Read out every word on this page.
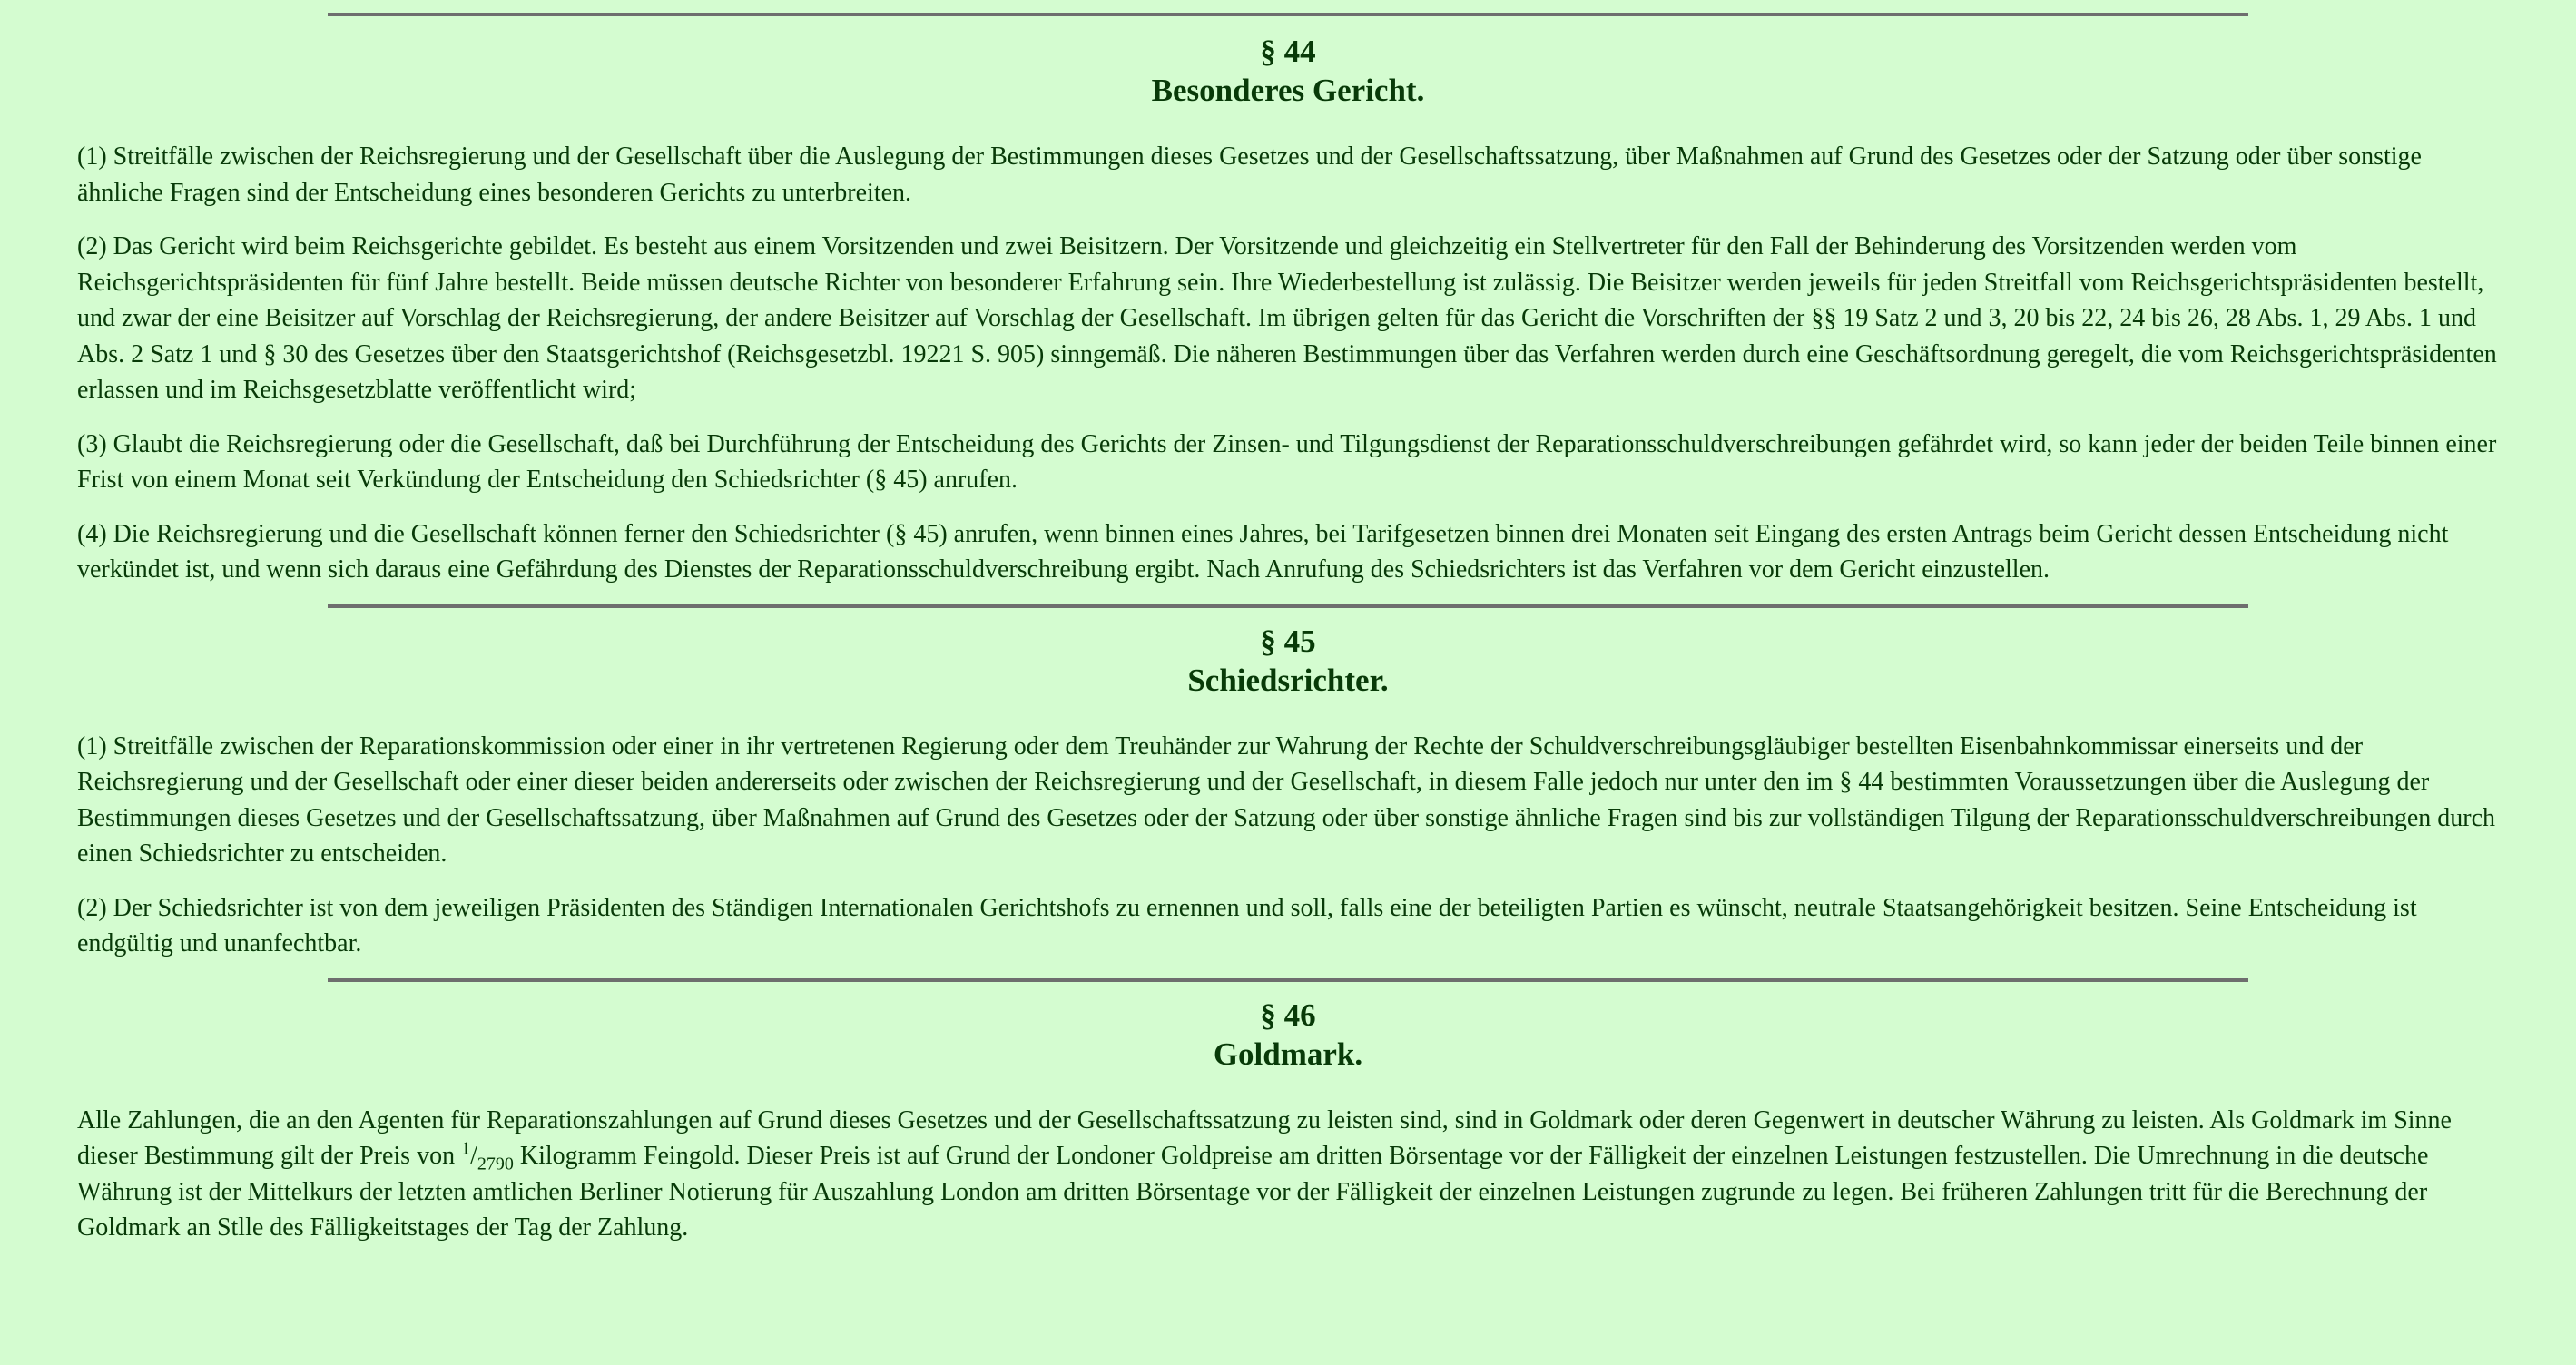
§ 44
Besonderes Gericht.

(1) Streitfälle zwischen der Reichsregierung und der Gesellschaft über die Auslegung der Bestimmungen dieses Gesetzes und der Gesellschaftssatzung, über Maßnahmen auf Grund des Gesetzes oder der Satzung oder über sonstige ähnliche Fragen sind der Entscheidung eines besonderen Gerichts zu unterbreiten.

(2) Das Gericht wird beim Reichsgerichte gebildet. Es besteht aus einem Vorsitzenden und zwei Beisitzern. Der Vorsitzende und gleichzeitig ein Stellvertreter für den Fall der Behinderung des Vorsitzenden werden vom Reichsgerichtspräsidenten für fünf Jahre bestellt. Beide müssen deutsche Richter von besonderer Erfahrung sein. Ihre Wiederbestellung ist zulässig. Die Beisitzer werden jeweils für jeden Streitfall vom Reichsgerichtspräsidenten bestellt, und zwar der eine Beisitzer auf Vorschlag der Reichsregierung, der andere Beisitzer auf Vorschlag der Gesellschaft. Im übrigen gelten für das Gericht die Vorschriften der §§ 19 Satz 2 und 3, 20 bis 22, 24 bis 26, 28 Abs. 1, 29 Abs. 1 und Abs. 2 Satz 1 und § 30 des Gesetzes über den Staatsgerichtshof (Reichsgesetzbl. 19221 S. 905) sinngemäß. Die näheren Bestimmungen über das Verfahren werden durch eine Geschäftsordnung geregelt, die vom Reichsgerichtspräsidenten erlassen und im Reichsgesetzblatte veröffentlicht wird;

(3) Glaubt die Reichsregierung oder die Gesellschaft, daß bei Durchführung der Entscheidung des Gerichts der Zinsen- und Tilgungsdienst der Reparationsschuldverschreibungen gefährdet wird, so kann jeder der beiden Teile binnen einer Frist von einem Monat seit Verkündung der Entscheidung den Schiedsrichter (§ 45) anrufen.

(4) Die Reichsregierung und die Gesellschaft können ferner den Schiedsrichter (§ 45) anrufen, wenn binnen eines Jahres, bei Tarifgesetzen binnen drei Monaten seit Eingang des ersten Antrags beim Gericht dessen Entscheidung nicht verkündet ist, und wenn sich daraus eine Gefährdung des Dienstes der Reparationsschuldverschreibung ergibt. Nach Anrufung des Schiedsrichters ist das Verfahren vor dem Gericht einzustellen.

§ 45
Schiedsrichter.

(1) Streitfälle zwischen der Reparationskommission oder einer in ihr vertretenen Regierung oder dem Treuhänder zur Wahrung der Rechte der Schuldverschreibungsgläubiger bestellten Eisenbahnkommissar einerseits und der Reichsregierung und der Gesellschaft oder einer dieser beiden andererseits oder zwischen der Reichsregierung und der Gesellschaft, in diesem Falle jedoch nur unter den im § 44 bestimmten Voraussetzungen über die Auslegung der Bestimmungen dieses Gesetzes und der Gesellschaftssatzung, über Maßnahmen auf Grund des Gesetzes oder der Satzung oder über sonstige ähnliche Fragen sind bis zur vollständigen Tilgung der Reparationsschuldverschreibungen durch einen Schiedsrichter zu entscheiden.

(2) Der Schiedsrichter ist von dem jeweiligen Präsidenten des Ständigen Internationalen Gerichtshofs zu ernennen und soll, falls eine der beteiligten Partien es wünscht, neutrale Staatsangehörigkeit besitzen. Seine Entscheidung ist endgültig und unanfechtbar.

§ 46
Goldmark.

Alle Zahlungen, die an den Agenten für Reparationszahlungen auf Grund dieses Gesetzes und der Gesellschaftssatzung zu leisten sind, sind in Goldmark oder deren Gegenwert in deutscher Währung zu leisten. Als Goldmark im Sinne dieser Bestimmung gilt der Preis von $^1/_{2790}$ Kilogramm Feingold. Dieser Preis ist auf Grund der Londoner Goldpreise am dritten Börsentage vor der Fälligkeit der einzelnen Leistungen festzustellen. Die Umrechnung in die deutsche Währung ist der Mittelkurs der letzten amtlichen Berliner Notierung für Auszahlung London am dritten Börsentage vor der Fälligkeit der einzelnen Leistungen zugrunde zu legen. Bei früheren Zahlungen tritt für die Berechnung der Goldmark an Stlle des Fälligkeitstages der Tag der Zahlung.
